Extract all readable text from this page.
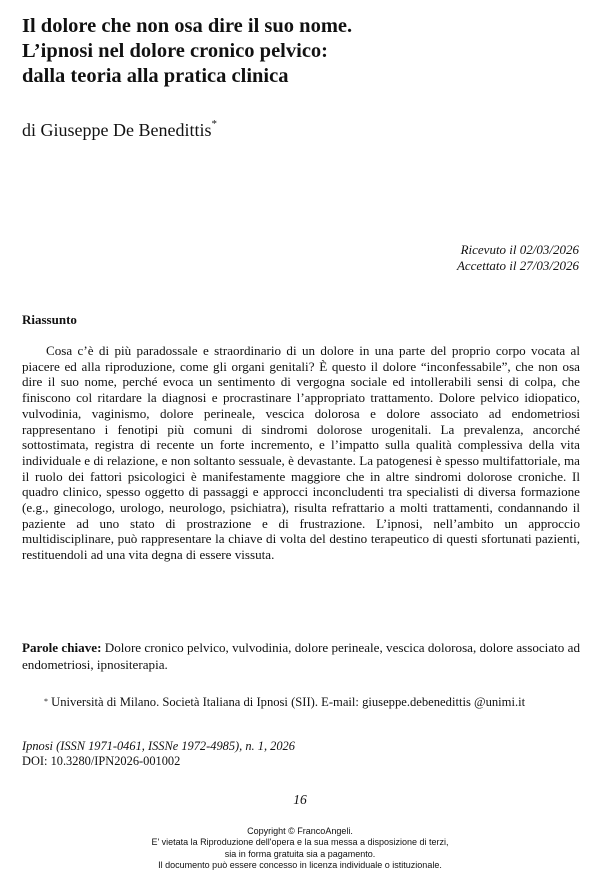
Il dolore che non osa dire il suo nome.
L’ipnosi nel dolore cronico pelvico:
dalla teoria alla pratica clinica
di Giuseppe De Benedittis*
Ricevuto il 02/03/2026
Accettato il 27/03/2026
Riassunto

Cosa c’è di più paradossale e straordinario di un dolore in una parte del proprio corpo vocata al piacere ed alla riproduzione, come gli organi genitali? È questo il dolore “inconfessabile”, che non osa dire il suo nome, perché evoca un sentimento di vergogna sociale ed intollerabili sensi di colpa, che finiscono col ritardare la diagnosi e procrastinare l’appropriato trattamento. Dolore pelvico idiopatico, vulvodinia, vaginismo, dolore perineale, vescica dolorosa e dolore associato ad endometriosi rappresentano i fenotipi più comuni di sindromi dolorose urogenitali. La prevalenza, ancorché sottostimata, registra di recente un forte incremento, e l’impatto sulla qualità complessiva della vita individuale e di relazione, e non soltanto sessuale, è devastante. La patogenesi è spesso multifattoriale, ma il ruolo dei fattori psicologici è manifestamente maggiore che in altre sindromi dolorose croniche. Il quadro clinico, spesso oggetto di passaggi e approcci inconcludenti tra specialisti di diversa formazione (e.g., ginecologo, urologo, neurologo, psichiatra), risulta refrattario a molti trattamenti, condannando il paziente ad uno stato di prostrazione e di frustrazione. L’ipnosi, nell’ambito un approccio multidisciplinare, può rappresentare la chiave di volta del destino terapeutico di questi sfortunati pazienti, restituendoli ad una vita degna di essere vissuta.

Parole chiave: Dolore cronico pelvico, vulvodinia, dolore perineale, vescica dolorosa, dolore associato ad endometriosi, ipnositerapia.

* Università di Milano. Società Italiana di Ipnosi (SII). E-mail: giuseppe.debenedittis @unimi.it

Ipnosi (ISSN 1971-0461, ISSNe 1972-4985), n. 1, 2026
DOI: 10.3280/IPN2026-001002
16
Copyright © FrancoAngeli.
E' vietata la Riproduzione dell'opera e la sua messa a disposizione di terzi,
sia in forma gratuita sia a pagamento.
Il documento può essere concesso in licenza individuale o istituzionale.
